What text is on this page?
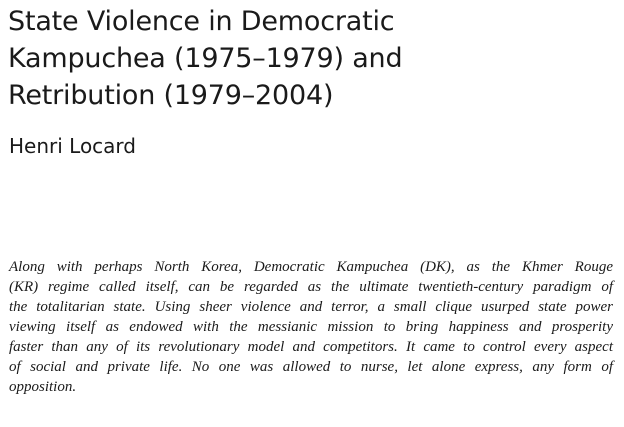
State Violence in Democratic
Kampuchea (1975–1979) and
Retribution (1979–2004)

Henri Locard

Along with perhaps North Korea, Democratic Kampuchea (DK), as the Khmer Rouge
(KR) regime called itself, can be regarded as the ultimate twentieth-century paradigm of
the totalitarian state. Using sheer violence and terror, a small clique usurped state power
viewing itself as endowed with the messianic mission to bring happiness and prosperity
faster than any of its revolutionary model and competitors. It came to control every aspect
of social and private life. No one was allowed to nurse, let alone express, any form of
opposition.
